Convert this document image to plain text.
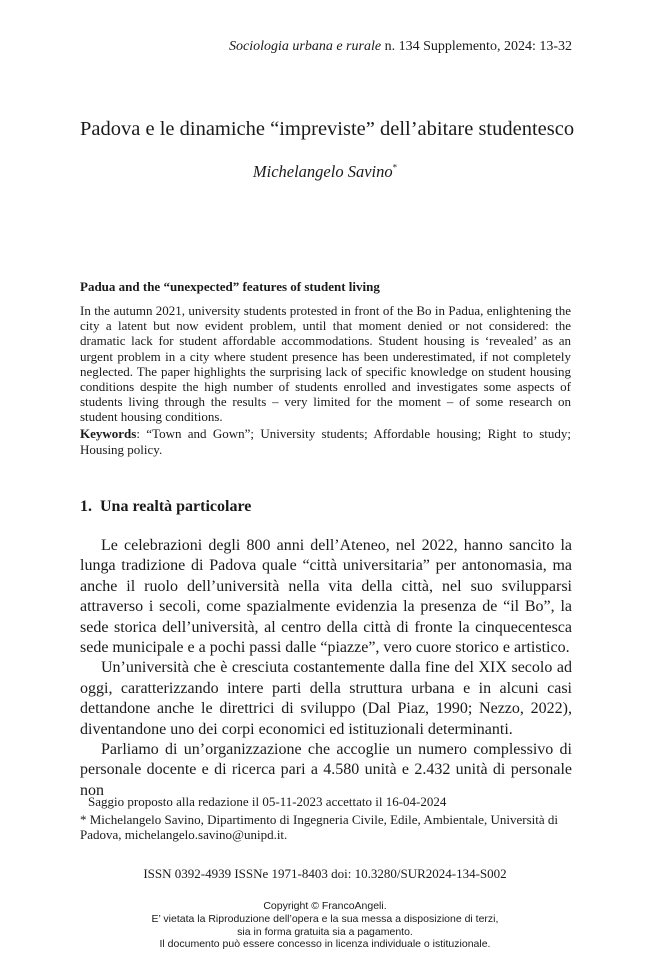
Sociologia urbana e rurale n. 134 Supplemento, 2024: 13-32
Padova e le dinamiche “impreviste” dell’abitare studentesco
Michelangelo Savino*
Padua and the “unexpected” features of student living

In the autumn 2021, university students protested in front of the Bo in Padua, enlightening the city a latent but now evident problem, until that moment denied or not considered: the dramatic lack for student affordable accommodations. Student housing is ‘revealed’ as an urgent problem in a city where student presence has been underestimated, if not completely neglected. The paper highlights the surprising lack of specific knowledge on student housing conditions despite the high number of students enrolled and investigates some aspects of students living through the results – very limited for the moment – of some research on student housing conditions.

Keywords: “Town and Gown”; University students; Affordable housing; Right to study; Housing policy.

1. Una realtà particolare

Le celebrazioni degli 800 anni dell’Ateneo, nel 2022, hanno sancito la lunga tradizione di Padova quale “città universitaria” per antonomasia, ma anche il ruolo dell’università nella vita della città, nel suo svilupparsi attraverso i secoli, come spazialmente evidenzia la presenza de “il Bo”, la sede storica dell’università, al centro della città di fronte la cinquecentesca sede municipale e a pochi passi dalle “piazze”, vero cuore storico e artistico.

Un’università che è cresciuta costantemente dalla fine del XIX secolo ad oggi, caratterizzando intere parti della struttura urbana e in alcuni casi dettandone anche le direttrici di sviluppo (Dal Piaz, 1990; Nezzo, 2022), diventandone uno dei corpi economici ed istituzionali determinanti.

Parliamo di un’organizzazione che accoglie un numero complessivo di personale docente e di ricerca pari a 4.580 unità e 2.432 unità di personale non

Saggio proposto alla redazione il 05-11-2023 accettato il 16-04-2024

* Michelangelo Savino, Dipartimento di Ingegneria Civile, Edile, Ambientale, Università di Padova, michelangelo.savino@unipd.it.

ISSN 0392-4939 ISSNe 1971-8403 doi: 10.3280/SUR2024-134-S002
Copyright © FrancoAngeli.
E’ vietata la Riproduzione dell’opera e la sua messa a disposizione di terzi,
sia in forma gratuita sia a pagamento.
Il documento può essere concesso in licenza individuale o istituzionale.
